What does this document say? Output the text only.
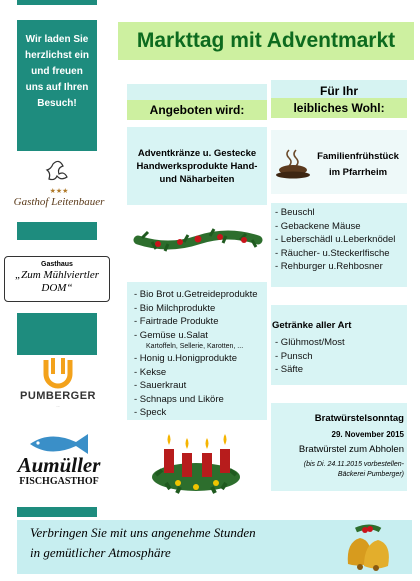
Wir laden Sie herzlichst ein und freuen uns auf Ihren Besuch!
★★★
Gasthof Leitenbauer
Gasthaus
„Zum Mühlviertler
DOM“
PUMBERGER
...
Aumüller
FISCHGASTHOF
Markttag mit Adventmarkt
Angeboten wird:
Für Ihr
leibliches Wohl:
Adventkränze u. Gestecke Handwerksprodukte Hand- und Näharbeiten
- Bio Brot u.Getreideprodukte
- Bio Milchprodukte
- Fairtrade Produkte
- Gemüse u.Salat
Kartoffeln, Sellerie, Karotten, ...
- Honig u.Honigprodukte
- Kekse
- Sauerkraut
- Schnaps und Liköre
- Speck
Familienfrühstück
im Pfarrheim
- Beuschl
- Gebackene Mäuse
- Leberschädl u.Leberknödel
- Räucher- u.Steckerlfische
- Rehburger u.Rehbosner
Getränke aller Art
- Glühmost/Most
- Punsch
- Säfte
Bratwürstelsonntag
29. November 2015
Bratwürstel zum Abholen
(bis Di. 24.11.2015 vorbestellen- Bäckerei Pumberger)
Verbringen Sie mit uns angenehme Stunden
in gemütlicher Atmosphäre
